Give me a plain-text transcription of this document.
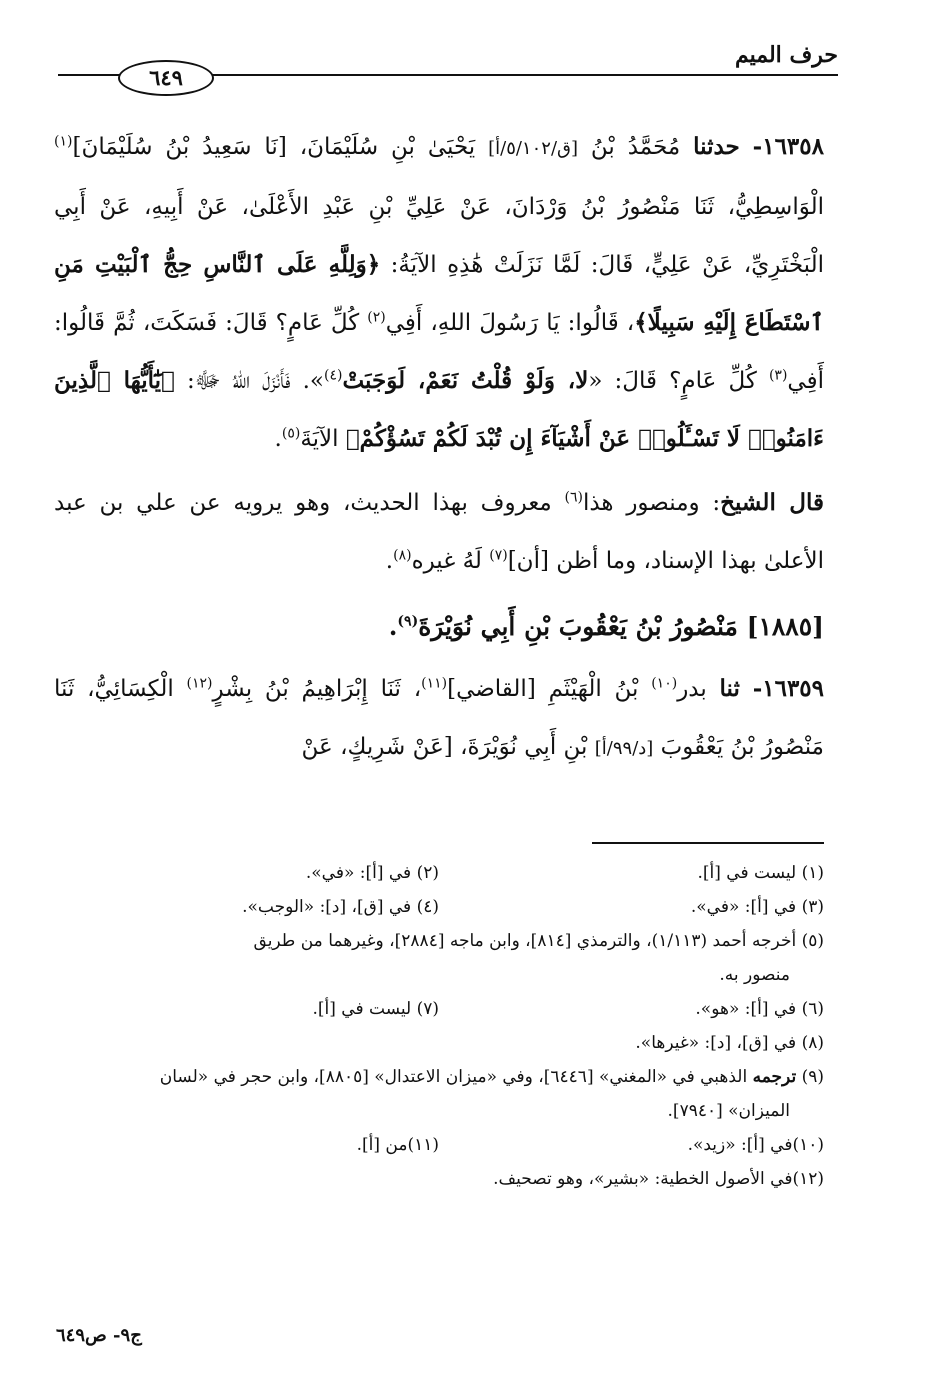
حرف الميم
٦٤٩

١٦٣٥٨- حدثنا مُحَمَّدُ بْنُ [ق/٥/١٠٢/أ] يَحْيَىٰ بْنِ سُلَيْمَانَ، [نَا سَعِيدُ بْنُ سُلَيْمَانَ]$^{(١)}$ الْوَاسِطِيُّ، ثَنَا مَنْصُورُ بْنُ وَرْدَانَ، عَنْ عَلِيِّ بْنِ عَبْدِ الأَعْلَىٰ، عَنْ أَبِيهِ، عَنْ أَبِي الْبَخْتَرِيِّ، عَنْ عَلِيٍّ، قَالَ: لَمَّا نَزَلَتْ هَٰذِهِ الآيَةُ: ﴿وَلِلَّهِ عَلَى ٱلنَّاسِ حِجُّ ٱلْبَيْتِ مَنِ ٱسْتَطَاعَ إِلَيْهِ سَبِيلًا﴾، قَالُوا: يَا رَسُولَ اللهِ، أَفِي$^{(٢)}$ كُلِّ عَامٍ؟ قَالَ: فَسَكَتَ، ثُمَّ قَالُوا: أَفِي$^{(٣)}$ كُلِّ عَامٍ؟ قَالَ: «لا، وَلَوْ قُلْتُ نَعَمْ، لَوَجَبَتْ$^{(٤)}$». فَأَنْزَلَ اللهُ ﷻ: ﴿يَٰٓأَيُّهَا ٱلَّذِينَ ءَامَنُوا۟ لَا تَسْـَٔلُوا۟ عَنْ أَشْيَآءَ إِن تُبْدَ لَكُمْ تَسُؤْكُمْ﴾ الآيَةَ$^{(٥)}$.

قال الشيخ: ومنصور هذا$^{(٦)}$ معروف بهذا الحديث، وهو يرويه عن علي بن عبد الأعلىٰ بهذا الإسناد، وما أظن [أن]$^{(٧)}$ لَهُ غيره$^{(٨)}$.

[١٨٨٥] مَنْصُورُ بْنُ يَعْقُوبَ بْنِ أَبِي نُوَيْرَةَ$^{(٩)}$.

١٦٣٥٩- ثنا بدر$^{(١٠)}$ بْنُ الْهَيْثَمِ [القاضي]$^{(١١)}$، ثَنَا إِبْرَاهِيمُ بْنُ بِشْرٍ$^{(١٢)}$ الْكِسَائِيُّ، ثَنَا مَنْصُورُ بْنُ يَعْقُوبَ [د/٩٩/أ] بْنِ أَبِي نُوَيْرَةَ، [عَنْ شَرِيكٍ، عَنْ

(١) ليست في [أ].
(٢) في [أ]: «في».
(٣) في [أ]: «في».
(٤) في [ق]، [د]: «الوجب».
(٥) أخرجه أحمد (١/١١٣)، والترمذي [٨١٤]، وابن ماجه [٢٨٨٤]، وغيرهما من طريق
منصور به.
(٦) في [أ]: «هو».
(٧) ليست في [أ].
(٨) في [ق]، [د]: «غيرها».
(٩) ترجمه الذهبي في «المغني» [٦٤٤٦]، وفي «ميزان الاعتدال» [٨٨٠٥]، وابن حجر في «لسان
الميزان» [٧٩٤٠].
(١٠)في [أ]: «زيد».
(١١)من [أ].
(١٢)في الأصول الخطية: «بشير»، وهو تصحيف.
ج٩- ص٦٤٩
